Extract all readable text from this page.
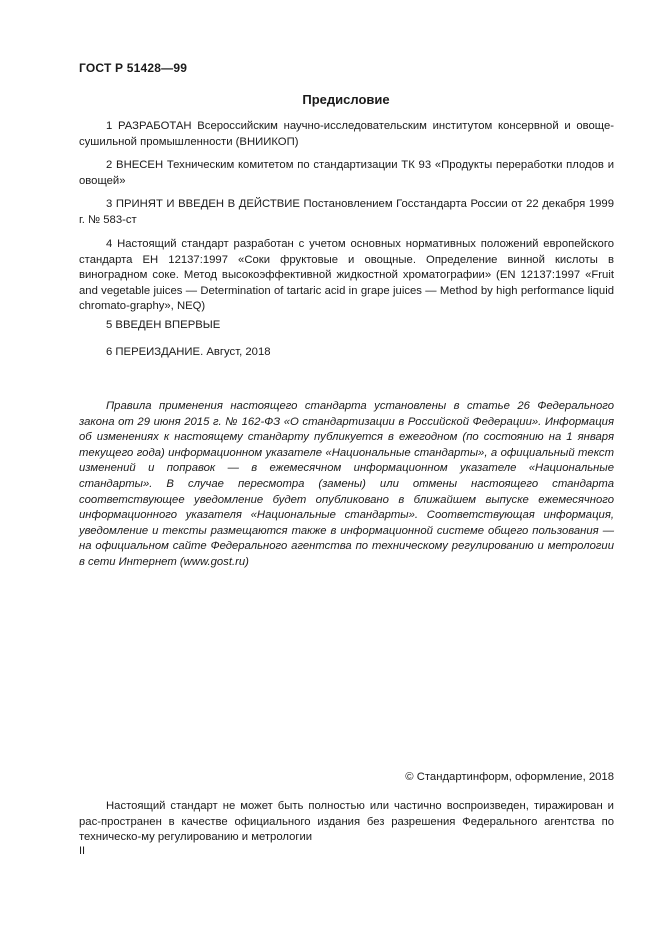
ГОСТ Р 51428—99
Предисловие

1 РАЗРАБОТАН Всероссийским научно-исследовательским институтом консервной и овоще-сушильной промышленности (ВНИИКОП)

2 ВНЕСЕН Техническим комитетом по стандартизации ТК 93 «Продукты переработки плодов и овощей»

3 ПРИНЯТ И ВВЕДЕН В ДЕЙСТВИЕ Постановлением Госстандарта России от 22 декабря 1999 г. № 583-ст

4 Настоящий стандарт разработан с учетом основных нормативных положений европейского стандарта ЕН 12137:1997 «Соки фруктовые и овощные. Определение винной кислоты в виноградном соке. Метод высокоэффективной жидкостной хроматографии» (EN 12137:1997 «Fruit and vegetable juices — Determination of tartaric acid in grape juices — Method by high performance liquid chromato-graphy», NEQ)

5 ВВЕДЕН ВПЕРВЫЕ

6 ПЕРЕИЗДАНИЕ. Август, 2018

Правила применения настоящего стандарта установлены в статье 26 Федерального закона от 29 июня 2015 г. № 162-ФЗ «О стандартизации в Российской Федерации». Информация об изменениях к настоящему стандарту публикуется в ежегодном (по состоянию на 1 января текущего года) информационном указателе «Национальные стандарты», а официальный текст изменений и поправок — в ежемесячном информационном указателе «Национальные стандарты». В случае пересмотра (замены) или отмены настоящего стандарта соответствующее уведомление будет опубликовано в ближайшем выпуске ежемесячного информационного указателя «Национальные стандарты». Соответствующая информация, уведомление и тексты размещаются также в информационной системе общего пользования — на официальном сайте Федерального агентства по техническому регулированию и метрологии в сети Интернет (www.gost.ru)

© Стандартинформ, оформление, 2018

Настоящий стандарт не может быть полностью или частично воспроизведен, тиражирован и рас-пространен в качестве официального издания без разрешения Федерального агентства по техническо-му регулированию и метрологии

II
